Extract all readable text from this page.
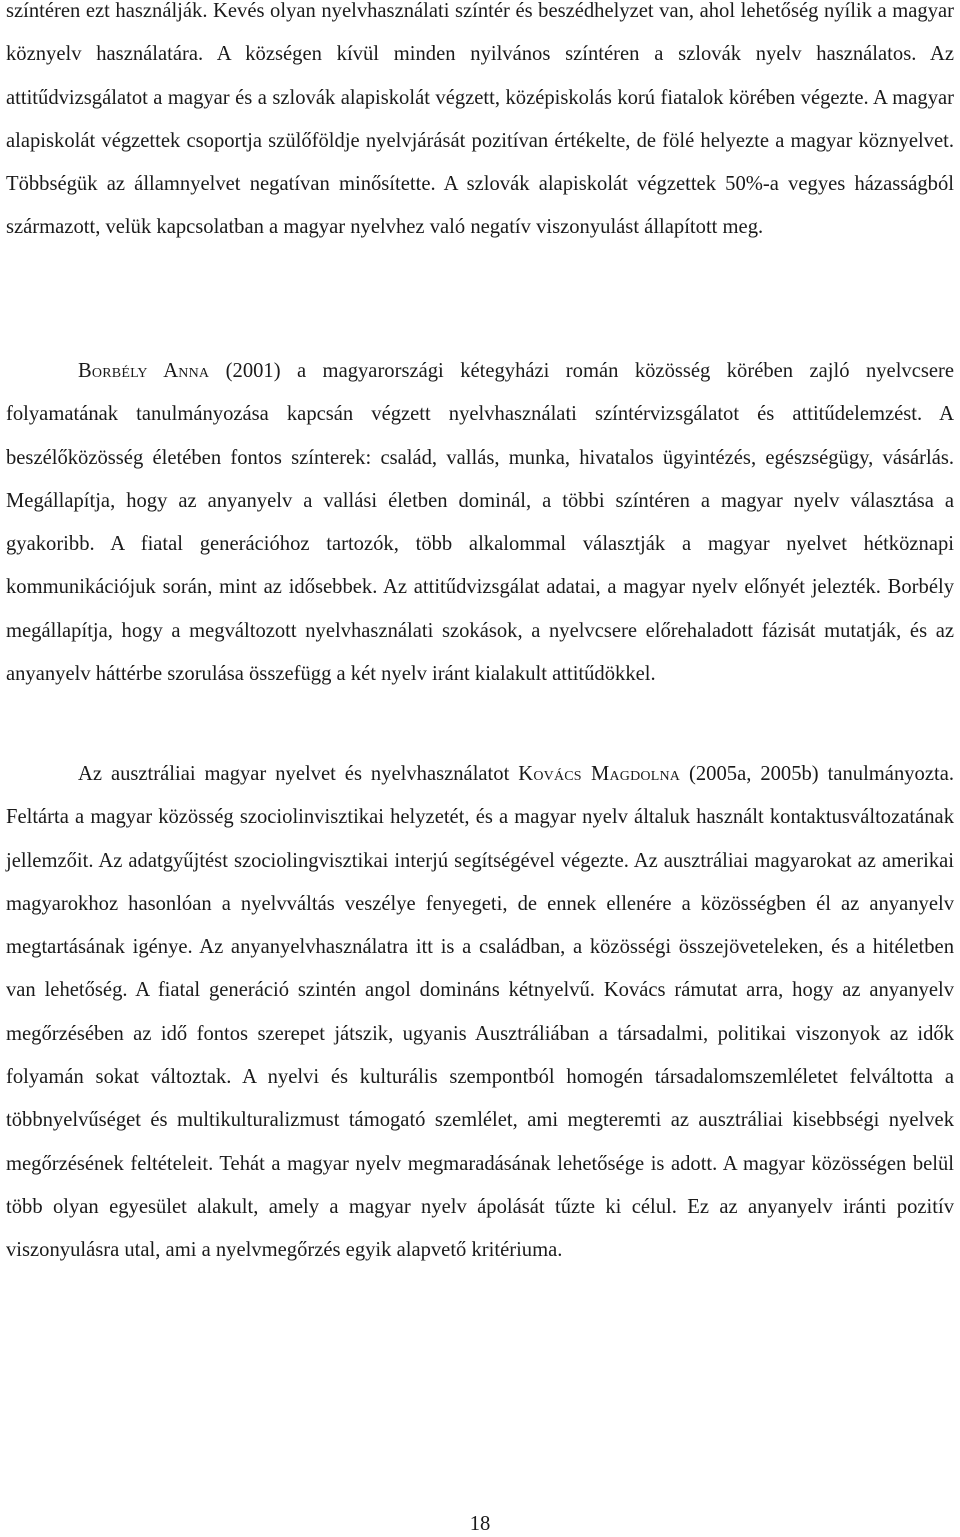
színtéren ezt használják. Kevés olyan nyelvhasználati színtér és beszédhelyzet van, ahol lehetőség nyílik a magyar köznyelv használatára. A községen kívül minden nyilvános színtéren a szlovák nyelv használatos. Az attitűdvizsgálatot a magyar és a szlovák alapiskolát végzett, középiskolás korú fiatalok körében végezte. A magyar alapiskolát végzettek csoportja szülőföldje nyelvjárását pozitívan értékelte, de fölé helyezte a magyar köznyelvet. Többségük az államnyelvet negatívan minősítette. A szlovák alapiskolát végzettek 50%-a vegyes házasságból származott, velük kapcsolatban a magyar nyelvhez való negatív viszonyulást állapított meg.

Borbély Anna (2001) a magyarországi kétegyházi román közösség körében zajló nyelvcsere folyamatának tanulmányozása kapcsán végzett nyelvhasználati színtérvizsgálatot és attitűdelemzést. A beszélőközösség életében fontos színterek: család, vallás, munka, hivatalos ügyintézés, egészségügy, vásárlás. Megállapítja, hogy az anyanyelv a vallási életben dominál, a többi színtéren a magyar nyelv választása a gyakoribb. A fiatal generációhoz tartozók, több alkalommal választják a magyar nyelvet hétköznapi kommunikációjuk során, mint az idősebbek. Az attitűdvizsgálat adatai, a magyar nyelv előnyét jelezték. Borbély megállapítja, hogy a megváltozott nyelvhasználati szokások, a nyelvcsere előrehaladott fázisát mutatják, és az anyanyelv háttérbe szorulása összefügg a két nyelv iránt kialakult attitűdökkel.

Az ausztráliai magyar nyelvet és nyelvhasználatot Kovács Magdolna (2005a, 2005b) tanulmányozta. Feltárta a magyar közösség szociolinvisztikai helyzetét, és a magyar nyelv általuk használt kontaktusváltozatának jellemzőit. Az adatgyűjtést szociolingvisztikai interjú segítségével végezte. Az ausztráliai magyarokat az amerikai magyarokhoz hasonlóan a nyelvváltás veszélye fenyegeti, de ennek ellenére a közösségben él az anyanyelv megtartásának igénye. Az anyanyelvhasználatra itt is a családban, a közösségi összejöveteleken, és a hitéletben van lehetőség. A fiatal generáció szintén angol domináns kétnyelvű. Kovács rámutat arra, hogy az anyanyelv megőrzésében az idő fontos szerepet játszik, ugyanis Ausztráliában a társadalmi, politikai viszonyok az idők folyamán sokat változtak. A nyelvi és kulturális szempontból homogén társadalomszemléletet felváltotta a többnyelvűséget és multikulturalizmust támogató szemlélet, ami megteremti az ausztráliai kisebbségi nyelvek megőrzésének feltételeit. Tehát a magyar nyelv megmaradásának lehetősége is adott. A magyar közösségen belül több olyan egyesület alakult, amely a magyar nyelv ápolását tűzte ki célul. Ez az anyanyelv iránti pozitív viszonyulásra utal, ami a nyelvmegőrzés egyik alapvető kritériuma.

18
